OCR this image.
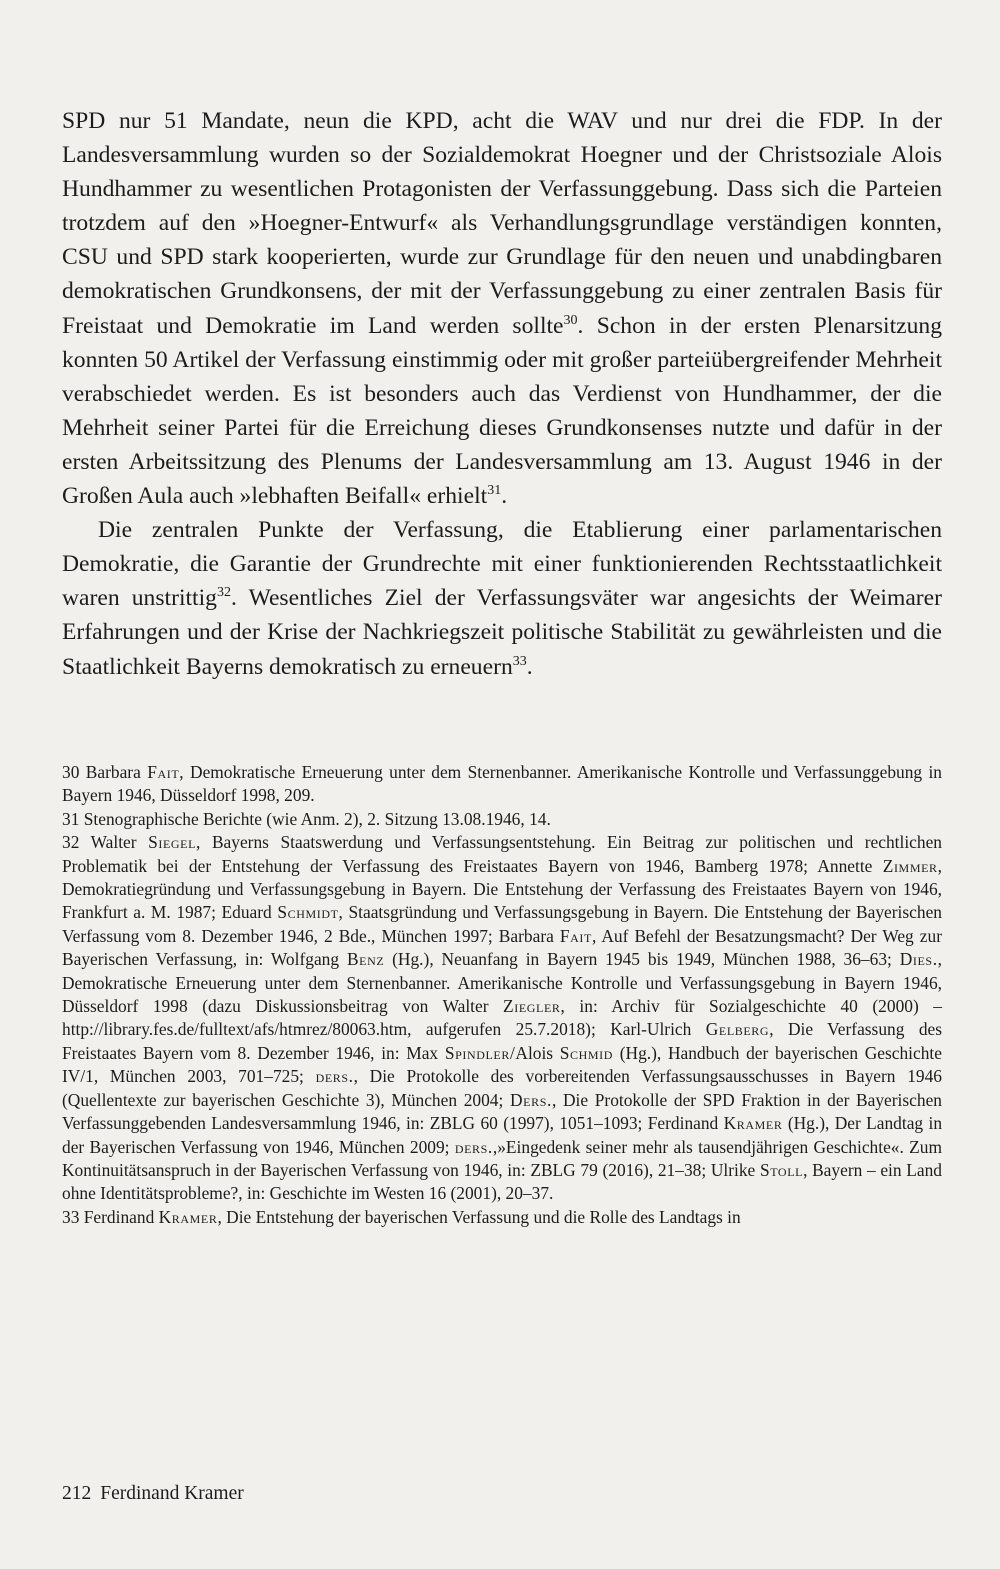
SPD nur 51 Mandate, neun die KPD, acht die WAV und nur drei die FDP. In der Landesversammlung wurden so der Sozialdemokrat Hoegner und der Christsoziale Alois Hundhammer zu wesentlichen Protagonisten der Verfassunggebung. Dass sich die Parteien trotzdem auf den »Hoegner-Entwurf« als Verhandlungsgrundlage verständigen konnten, CSU und SPD stark kooperierten, wurde zur Grundlage für den neuen und unabdingbaren demokratischen Grundkonsens, der mit der Verfassunggebung zu einer zentralen Basis für Freistaat und Demokratie im Land werden sollte$^{30}$. Schon in der ersten Plenarsitzung konnten 50 Artikel der Verfassung einstimmig oder mit großer parteiübergreifender Mehrheit verabschiedet werden. Es ist besonders auch das Verdienst von Hundhammer, der die Mehrheit seiner Partei für die Erreichung dieses Grundkonsenses nutzte und dafür in der ersten Arbeitssitzung des Plenums der Landesversammlung am 13. August 1946 in der Großen Aula auch »lebhaften Beifall« erhielt$^{31}$.

Die zentralen Punkte der Verfassung, die Etablierung einer parlamentarischen Demokratie, die Garantie der Grundrechte mit einer funktionierenden Rechtsstaatlichkeit waren unstrittig$^{32}$. Wesentliches Ziel der Verfassungsväter war angesichts der Weimarer Erfahrungen und der Krise der Nachkriegszeit politische Stabilität zu gewährleisten und die Staatlichkeit Bayerns demokratisch zu erneuern$^{33}$.

30 Barbara Fait, Demokratische Erneuerung unter dem Sternenbanner. Amerikanische Kontrolle und Verfassunggebung in Bayern 1946, Düsseldorf 1998, 209.

31 Stenographische Berichte (wie Anm. 2), 2. Sitzung 13.08.1946, 14.

32 Walter Siegel, Bayerns Staatswerdung und Verfassungsentstehung. Ein Beitrag zur politischen und rechtlichen Problematik bei der Entstehung der Verfassung des Freistaates Bayern von 1946, Bamberg 1978; Annette Zimmer, Demokratiegründung und Verfassungsgebung in Bayern. Die Entstehung der Verfassung des Freistaates Bayern von 1946, Frankfurt a. M. 1987; Eduard Schmidt, Staatsgründung und Verfassungsgebung in Bayern. Die Entstehung der Bayerischen Verfassung vom 8. Dezember 1946, 2 Bde., München 1997; Barbara Fait, Auf Befehl der Besatzungsmacht? Der Weg zur Bayerischen Verfassung, in: Wolfgang Benz (Hg.), Neuanfang in Bayern 1945 bis 1949, München 1988, 36–63; Dies., Demokratische Erneuerung unter dem Sternenbanner. Amerikanische Kontrolle und Verfassungsgebung in Bayern 1946, Düsseldorf 1998 (dazu Diskussionsbeitrag von Walter Ziegler, in: Archiv für Sozialgeschichte 40 (2000) – http://library.fes.de/fulltext/afs/htmrez/80063.htm, aufgerufen 25.7.2018); Karl-Ulrich Gelberg, Die Verfassung des Freistaates Bayern vom 8. Dezember 1946, in: Max Spindler/Alois Schmid (Hg.), Handbuch der bayerischen Geschichte IV/1, München 2003, 701–725; ders., Die Protokolle des vorbereitenden Verfassungsausschusses in Bayern 1946 (Quellentexte zur bayerischen Geschichte 3), München 2004; Ders., Die Protokolle der SPD Fraktion in der Bayerischen Verfassunggebenden Landesversammlung 1946, in: ZBLG 60 (1997), 1051–1093; Ferdinand Kramer (Hg.), Der Landtag in der Bayerischen Verfassung von 1946, München 2009; ders.,»Eingedenk seiner mehr als tausendjährigen Geschichte«. Zum Kontinuitätsanspruch in der Bayerischen Verfassung von 1946, in: ZBLG 79 (2016), 21–38; Ulrike Stoll, Bayern – ein Land ohne Identitätsprobleme?, in: Geschichte im Westen 16 (2001), 20–37.

33 Ferdinand Kramer, Die Entstehung der bayerischen Verfassung und die Rolle des Landtags in

212 Ferdinand Kramer
